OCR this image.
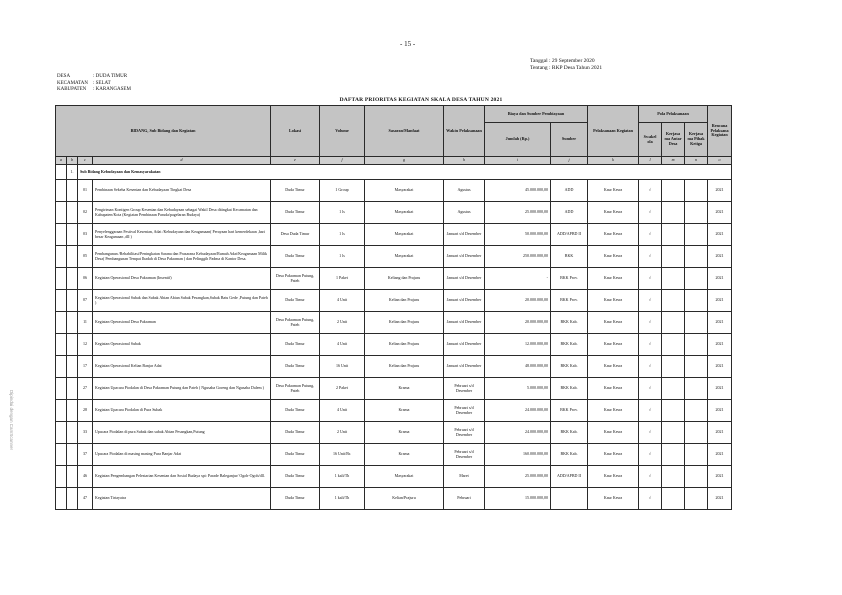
- 15 -
Tanggal : 29 September 2020
Tentang : RKP Desa Tahun 2021
DESA	: DUDA TIMUR
KECAMATAN : SELAT
KABUPATEN : KARANGASEM
DAFTAR PRIORITAS KEGIATAN SKALA DESA TAHUN 2021
Dipindai dengan CamScanner
BIDANG, Sub Bidang dan Kegiatan				Lokasi	Volume	Sasaran/Manfaat	Waktu Pelaksanaan	Biaya dan Sumber Pembiayaan		Pelaksanaan Kegiatan	Pola Pelaksanaan			Rencana Pelaksana Kegiatan
								Jumlah (Rp.)	Sumber		Swakel ola	Kerjasa ma Antar Desa	Kerjasa ma Pihak Ketiga	
a	b	c	d	e	f	g	h	i	j	k	l	m	n	o
	1.	Sub Bidang Kebudayaan dan Kemasyarakatan												
		01	Pembinaan Sekeha Kesenian dan Kebudayaan Tingkat Desa	Duda Timur	1 Group	Masyarakat	Agustus	45.000.000,00	ADD	Kaur Kesra	√			2021
		02	Pengiriman Kontigen Group Kesenian dan Kebudayaan sebagai Wakil Desa ditingkat Kecamatan dan Kabupaten/Kota (Kegiatan Pembinaan Paruda/pagelaran Budaya)	Duda Timur	1 ls	Masyarakat	Agustus	25.000.000,00	ADD	Kaur Kesra	√			2021
		03	Penyelenggaraan Festival Kesenian, Adat /Kebudayaan dan Keagamaan( Perayaan hari kemerdekaan ,hari besar Keagamaan ,dll )	Desa Duda Timur	1 ls	Masyarakat	Januari s/d Desember	50.000.000,00	ADD/APBD II	Kaur Kesra	√			2021
		05	Pembangunan /Rehabilitasi/Peningkatan Sarana dan Prasarana Kebudayaan/Rumah Adat/Keagamaan Milik Desa( Pembangunan Tempat Ibadah di Desa Pakraman ) dan Pelinggih Padma di Kantor Desa.	Duda Timur	1 ls	Masyarakat	Januari s/d Desember	250.000.000,00	BKK	Kaur Kesra	√			2021
		06	Kegiatan Operasional Desa Pakraman (Insentif)	Desa Pakraman Putung, Pateh	1 Paket	Keliang dan Prajuru	Januari s/d Desember	-	BKK Prov.	Kaur Kesra	√			2021
		07	Kegiatan Operasional Subak dan Subak Abian Abian Subak Pesangkan,Subak Batu Gede ,Putung dan Pateh )	Duda Timur	4 Unit	Kelian dan Prajuru	Januari s/d Desember	20.000.000,00	BKK Prov.	Kaur Kesra	√			2021
		11	Kegiatan Operasional Desa Pakraman	Desa Pakraman Putung, Pateh	2 Unit	Kelian dan Prajuru	Januari s/d Desember	20.000.000,00	BKK Kab.	Kaur Kesra	√			2021
		12	Kegiatan Operasional Subak	Duda Timur	4 Unit	Kelian dan Prajuru	Januari s/d Desember	12.000.000,00	BKK Kab.	Kaur Kesra	√			2021
		17	Kegiatan Operasional Kelian Banjar Adat	Duda Timur	16 Unit	Kelian dan Prajuru	Januari s/d Desember	48.000.000,00	BKK Kab.	Kaur Kesra	√			2021
		27	Kegiatan Upacara Piodalan di Desa Pakraman Putung dan Pateh ( Ngusaba Goreng dan Ngusaba Dalem )	Desa Pakraman Putung, Pateh	2 Paket	Krama	Pebruari s/d Desember	5.000.000,00	BKK Kab.	Kaur Kesra	√			2021
		28	Kegiatan Upacara Piodalan di Pura Subak	Duda Timur	4 Unit	Krama	Pebruari s/d Desember	24.000.000,00	BKK Prov.	Kaur Kesra	√			2021
		33	Upacara Piodalan di pura Subak dan subak Abian Pesangkan,Putung	Duda Timur	2 Unit	Krama	Pebruari s/d Desember	24.000.000,00	BKK Kab.	Kaur Kesra	√			2021
		37	Upacara Piodalan di masing masing Pura Banjar Adat	Duda Timur	16 Unit/Br.	Krama	Pebruari s/d Desember	160.000.000,00	BKK Kab.	Kaur Kesra	√			2021
		46	Kegiatan Pengembangan Pelestarian Kesenian dan Sosial Budaya spt: Parade Baleganjur/ Ogoh-Ogoh/dll.	Duda Timur	1 kali/Th	Masyarakat	Maret	25.000.000,00	ADD/APBD II	Kaur Kesra	√			2021
		47	Kegiatan Tirtayatra	Duda Timur	1 kali/Th	Kelian/Prajuru	Pebruari	15.000.000,00		Kaur Kesra	√			2021
